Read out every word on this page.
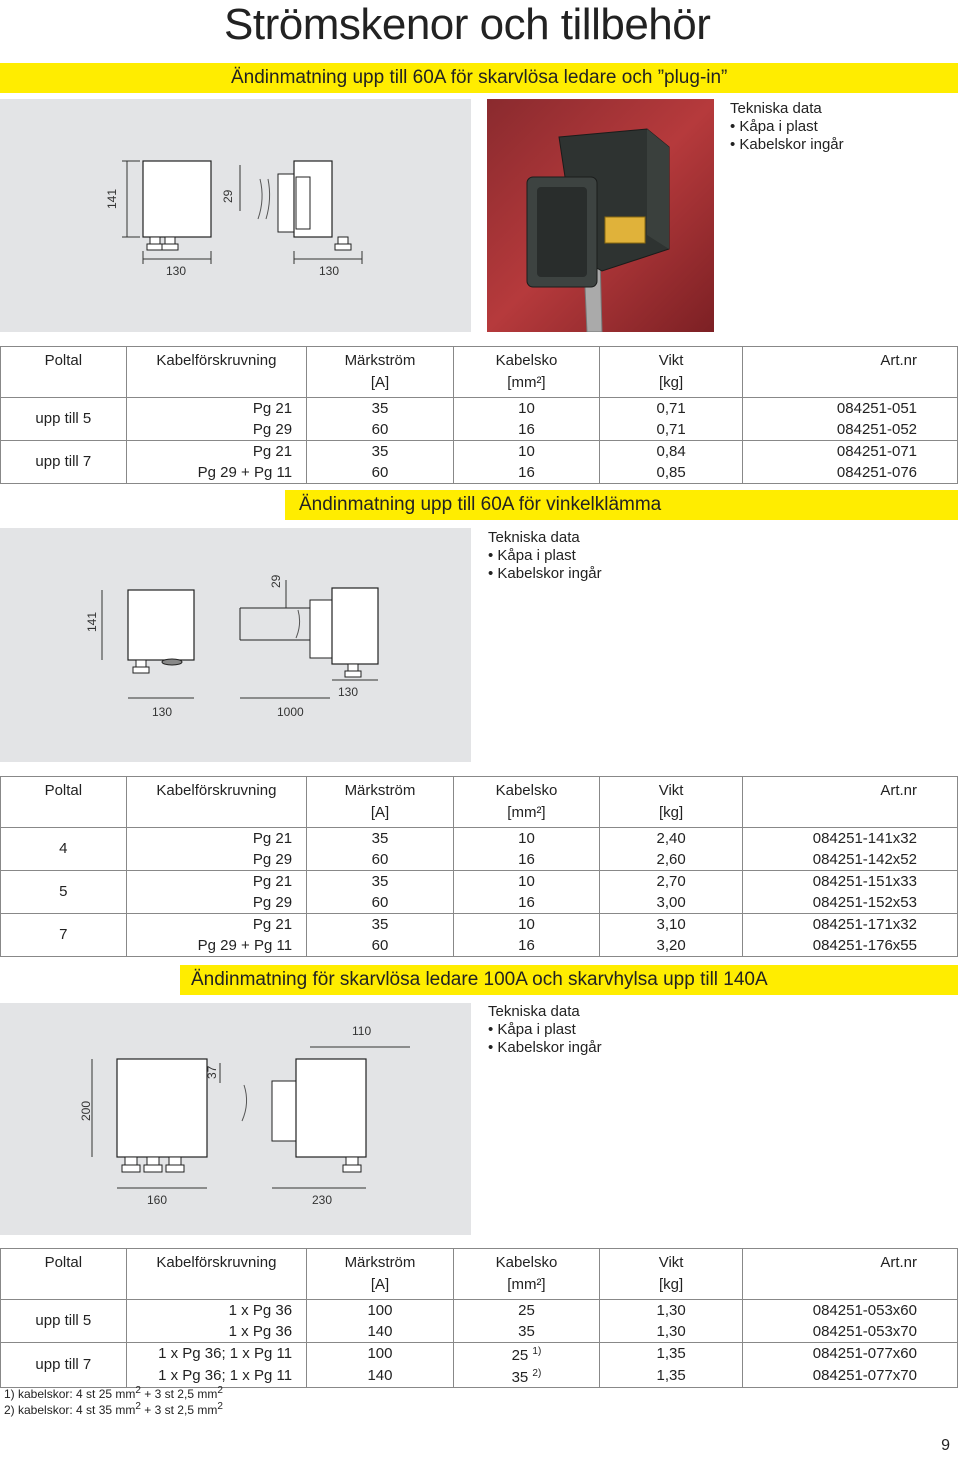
Strömskenor och tillbehör
Ändinmatning upp till 60A för skarvlösa ledare och ”plug-in”
141	29
130	130
Tekniska data
• Kåpa i plast
• Kabelskor ingår
Poltal	Kabelförskruvning	Märkström	Kabelsko	Vikt	Art.nr
		[A]	[mm²]	[kg]	
upp till 5	Pg 21	35	10	0,71	084251-051
	Pg 29	60	16	0,71	084251-052
upp till 7	Pg 21	35	10	0,84	084251-071
	Pg 29 + Pg 11	60	16	0,85	084251-076
Ändinmatning upp till 60A för vinkelklämma
141
29
130	1000
130
Tekniska data
• Kåpa i plast
• Kabelskor ingår
Poltal	Kabelförskruvning	Märkström	Kabelsko	Vikt	Art.nr
		[A]	[mm²]	[kg]	
4	Pg 21	35	10	2,40	084251-141x32
	Pg 29	60	16	2,60	084251-142x52
5	Pg 21	35	10	2,70	084251-151x33
	Pg 29	60	16	3,00	084251-152x53
7	Pg 21	35	10	3,10	084251-171x32
	Pg 29 + Pg 11	60	16	3,20	084251-176x55
Ändinmatning för skarvlösa ledare 100A och skarvhylsa upp till 140A
110
200
37
160	230
Tekniska data
• Kåpa i plast
• Kabelskor ingår
Poltal	Kabelförskruvning	Märkström	Kabelsko	Vikt	Art.nr
		[A]	[mm²]	[kg]	
upp till 5	1 x Pg 36	100	25	1,30	084251-053x60
	1 x Pg 36	140	35	1,30	084251-053x70
upp till 7	1 x Pg 36; 1 x Pg 11	100	25 $^{1)}$	1,35	084251-077x60
	1 x Pg 36; 1 x Pg 11	140	35 $^{2)}$	1,35	084251-077x70
1) kabelskor: 4 st 25 $mm^2 + 3$ st 2,5 $mm^2$
2) kabelskor: 4 st 35 $mm^2 + 3$ st 2,5 $mm^2$
9
